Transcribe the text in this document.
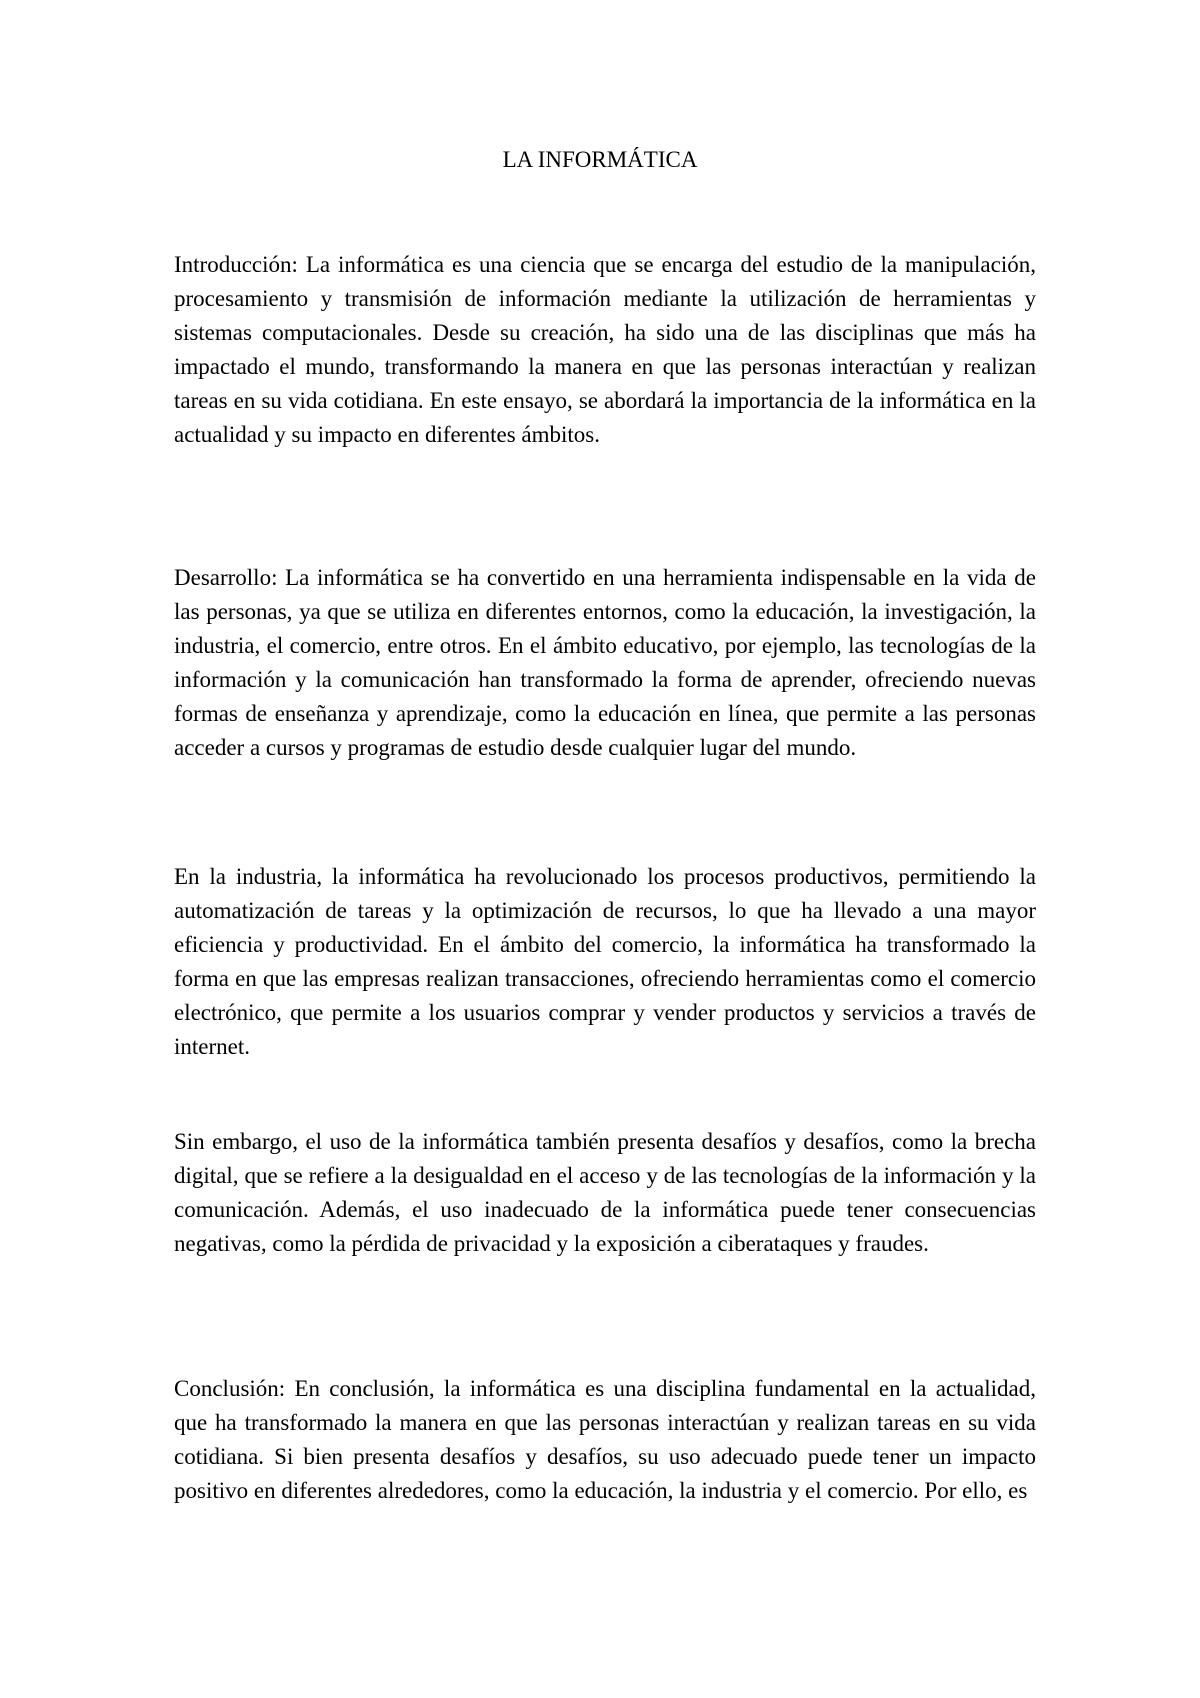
LA INFORMÁTICA

Introducción: La informática es una ciencia que se encarga del estudio de la manipulación, procesamiento y transmisión de información mediante la utilización de herramientas y sistemas computacionales. Desde su creación, ha sido una de las disciplinas que más ha impactado el mundo, transformando la manera en que las personas interactúan y realizan tareas en su vida cotidiana. En este ensayo, se abordará la importancia de la informática en la actualidad y su impacto en diferentes ámbitos.

Desarrollo: La informática se ha convertido en una herramienta indispensable en la vida de las personas, ya que se utiliza en diferentes entornos, como la educación, la investigación, la industria, el comercio, entre otros. En el ámbito educativo, por ejemplo, las tecnologías de la información y la comunicación han transformado la forma de aprender, ofreciendo nuevas formas de enseñanza y aprendizaje, como la educación en línea, que permite a las personas acceder a cursos y programas de estudio desde cualquier lugar del mundo.

En la industria, la informática ha revolucionado los procesos productivos, permitiendo la automatización de tareas y la optimización de recursos, lo que ha llevado a una mayor eficiencia y productividad. En el ámbito del comercio, la informática ha transformado la forma en que las empresas realizan transacciones, ofreciendo herramientas como el comercio electrónico, que permite a los usuarios comprar y vender productos y servicios a través de internet.

Sin embargo, el uso de la informática también presenta desafíos y desafíos, como la brecha digital, que se refiere a la desigualdad en el acceso y de las tecnologías de la información y la comunicación. Además, el uso inadecuado de la informática puede tener consecuencias negativas, como la pérdida de privacidad y la exposición a ciberataques y fraudes.

Conclusión: En conclusión, la informática es una disciplina fundamental en la actualidad, que ha transformado la manera en que las personas interactúan y realizan tareas en su vida cotidiana. Si bien presenta desafíos y desafíos, su uso adecuado puede tener un impacto positivo en diferentes alrededores, como la educación, la industria y el comercio. Por ello, es
